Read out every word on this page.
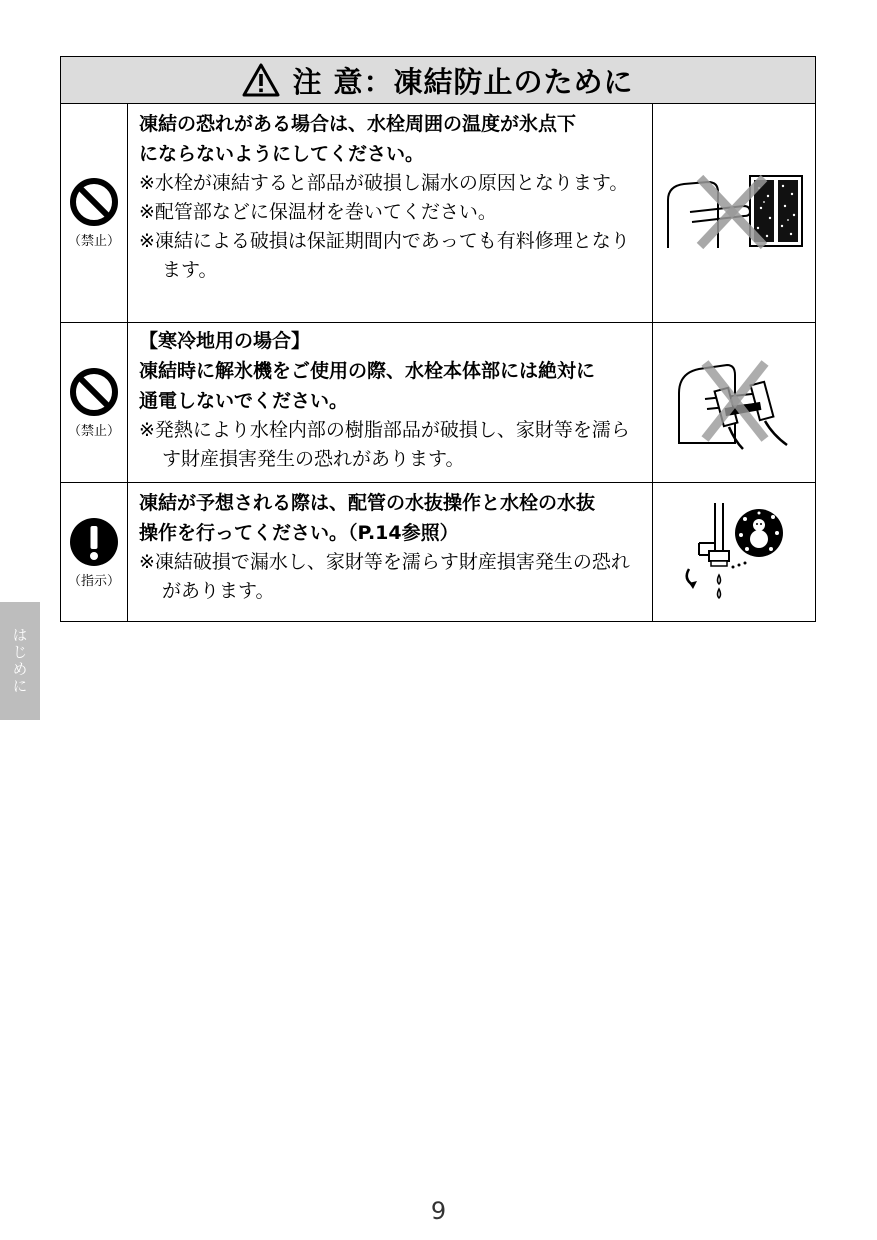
注 意：凍結防止のために
（禁止）
凍結の恐れがある場合は、水栓周囲の温度が氷点下
にならないようにしてください。
※水栓が凍結すると部品が破損し漏水の原因となります。
※配管部などに保温材を巻いてください。
※凍結による破損は保証期間内であっても有料修理となります。
（禁止）
【寒冷地用の場合】
凍結時に解氷機をご使用の際、水栓本体部には絶対に
通電しないでください。
※発熱により水栓内部の樹脂部品が破損し、家財等を濡らす財産損害発生の恐れがあります。
（指示）
凍結が予想される際は、配管の水抜操作と水栓の水抜
操作を行ってください。（P.14参照）
※凍結破損で漏水し、家財等を濡らす財産損害発生の恐れがあります。
はじめに
9
